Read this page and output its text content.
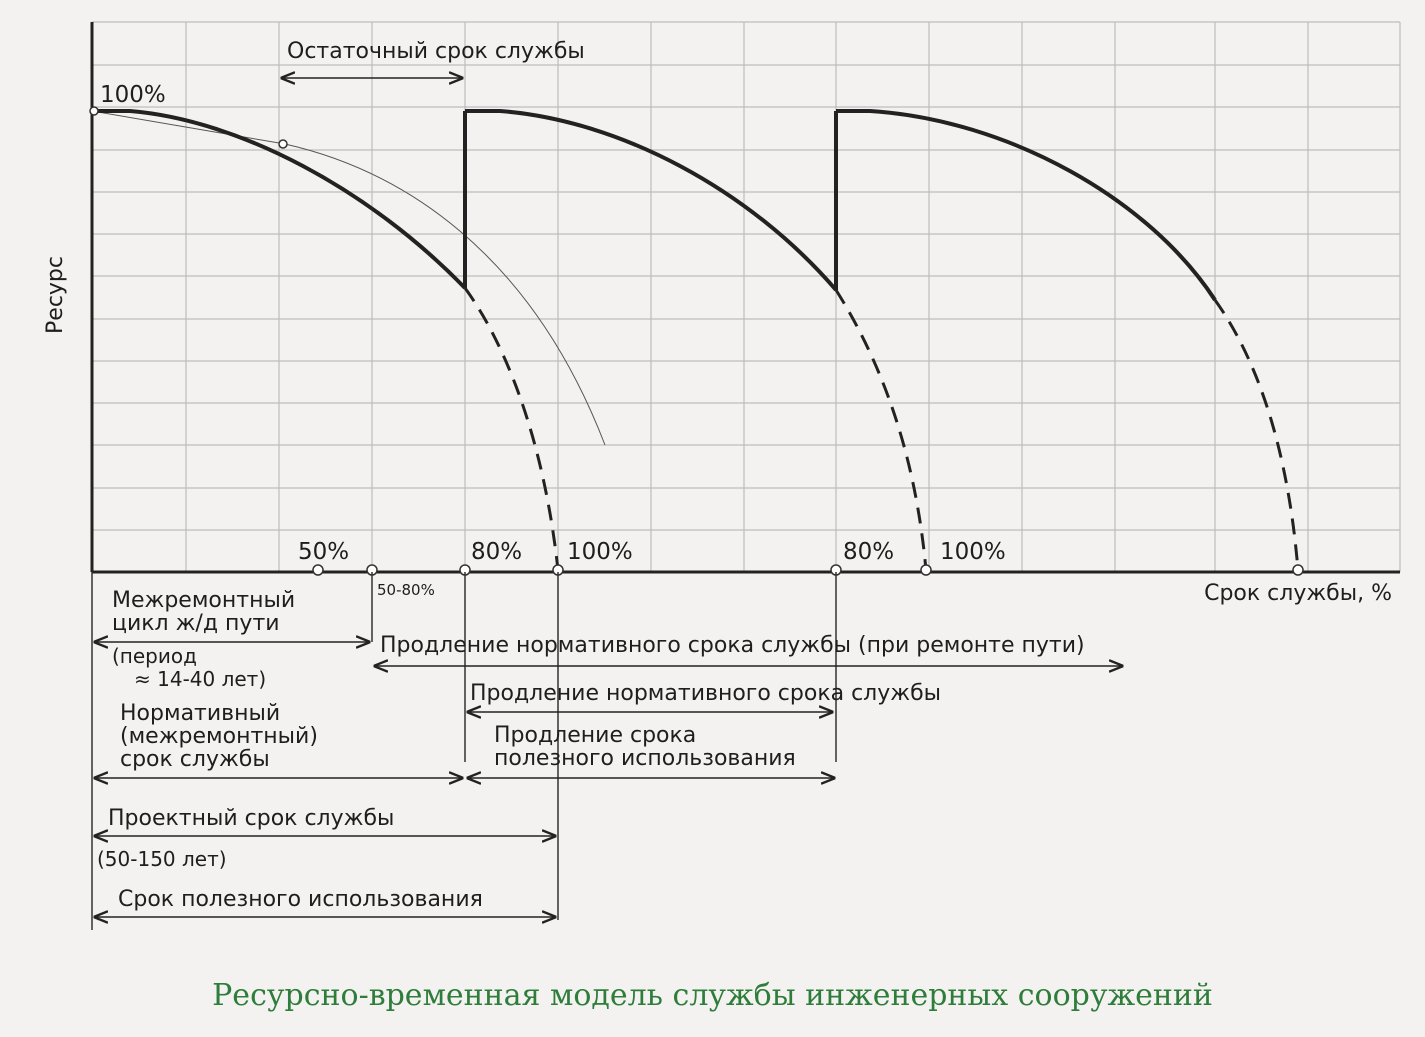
Остаточный срок службы
Ресурс
Срок службы, %
100%
50%
50-80%
80% 100%	80% 100%
Межремонтный
цикл ж/д пути
Продление нормативного срока службы (при ремонте пути)
(период
≈ 14-40 лет)
Продление нормативного срока службы
Нормативный
(межремонтный)	Продление срока
срок службы	полезного использования
Проектный срок службы
(50-150 лет)
Срок полезного использования
Ресурсно-временная модель службы инженерных сооружений
